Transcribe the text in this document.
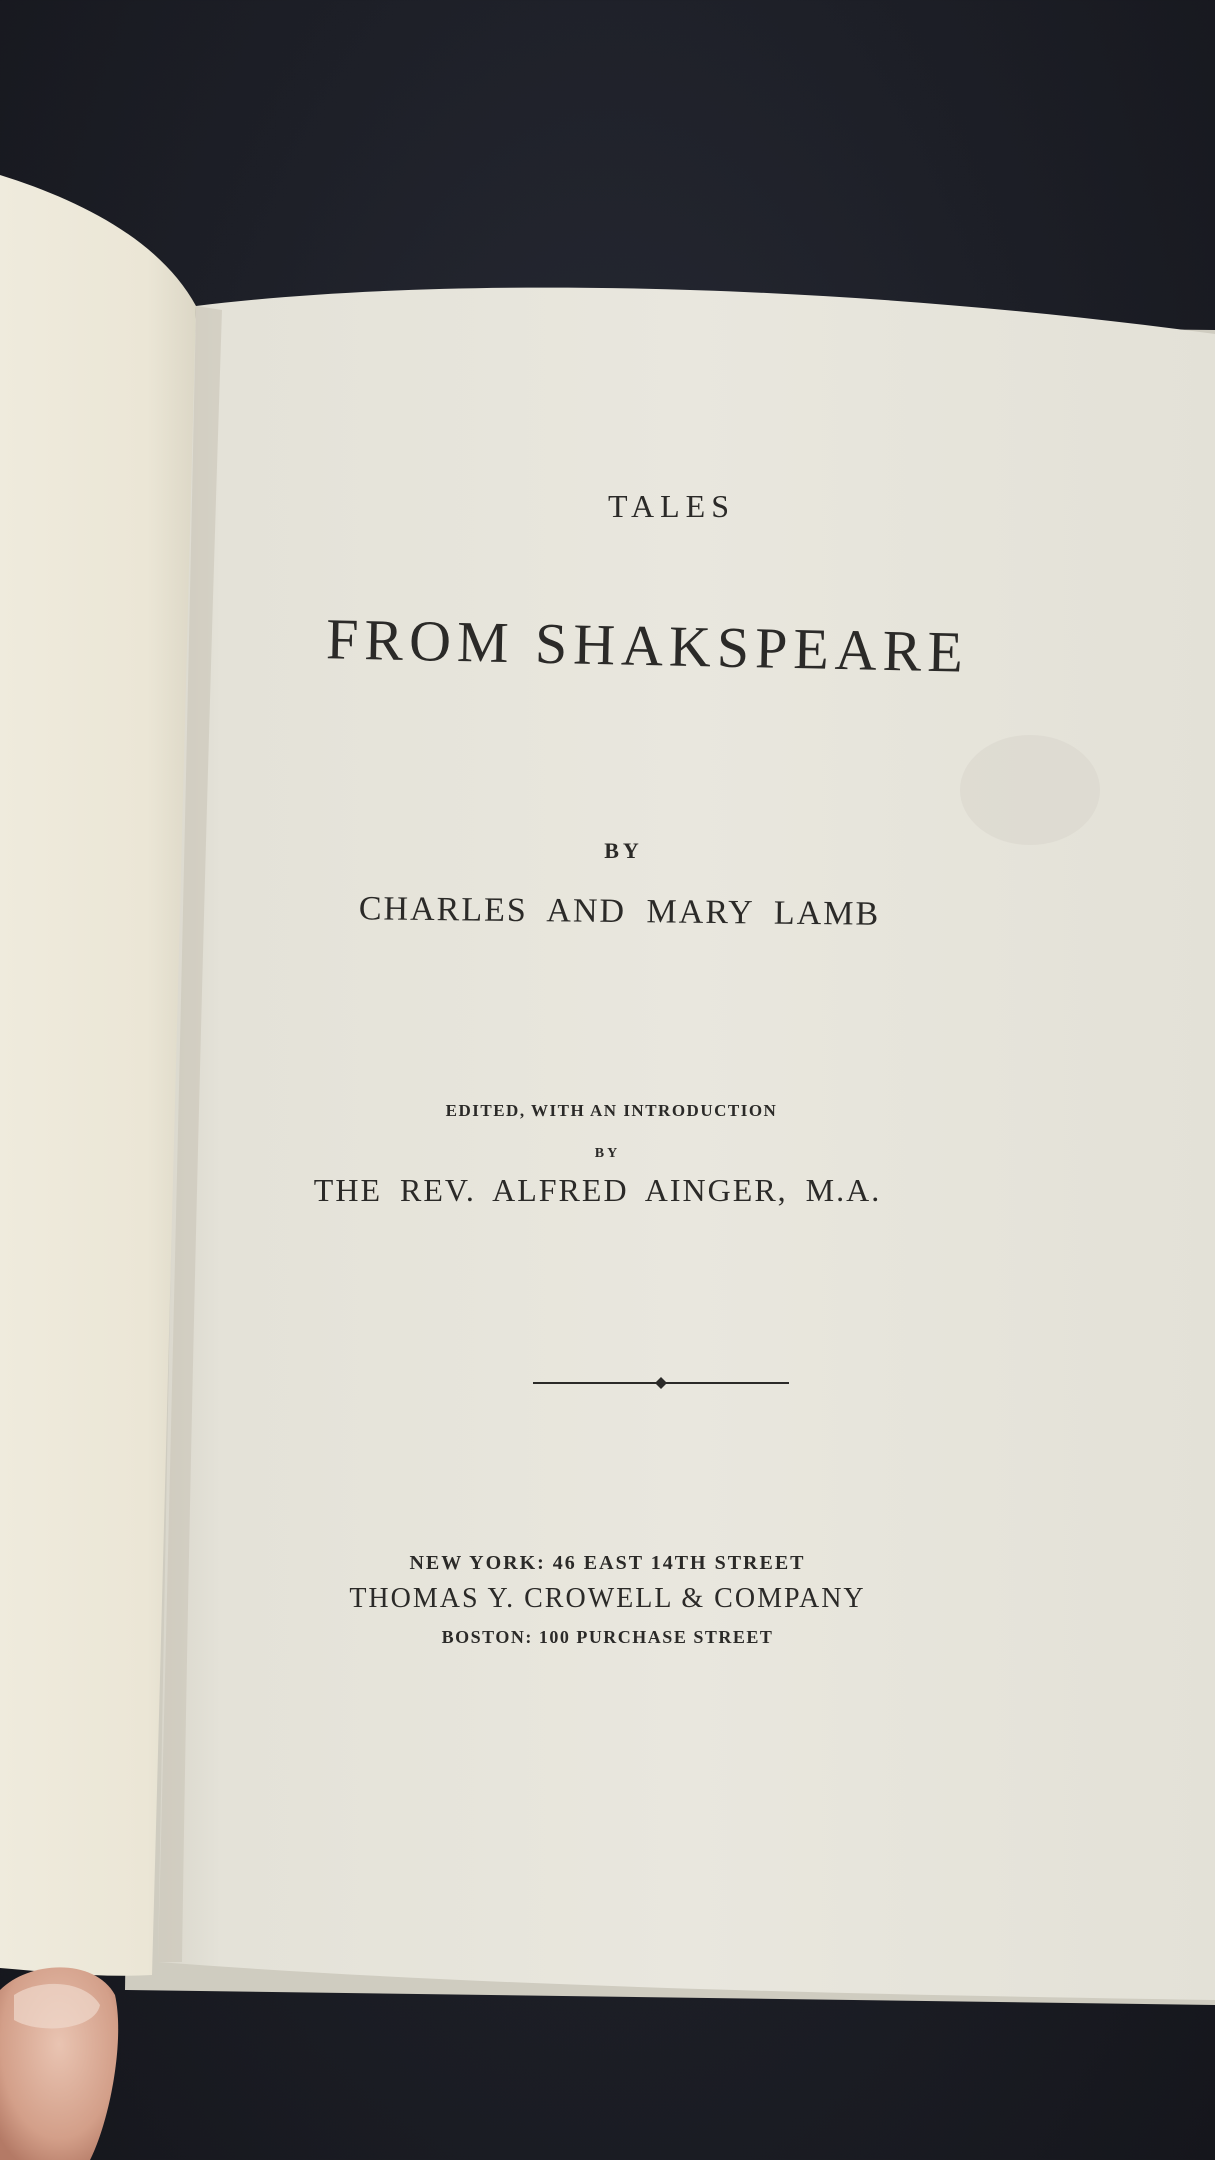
TALES
FROM SHAKSPEARE
BY
CHARLES AND MARY LAMB
EDITED, WITH AN INTRODUCTION
BY
THE REV. ALFRED AINGER, M.A.
NEW YORK: 46 EAST 14TH STREET
THOMAS Y. CROWELL & COMPANY
BOSTON: 100 PURCHASE STREET
